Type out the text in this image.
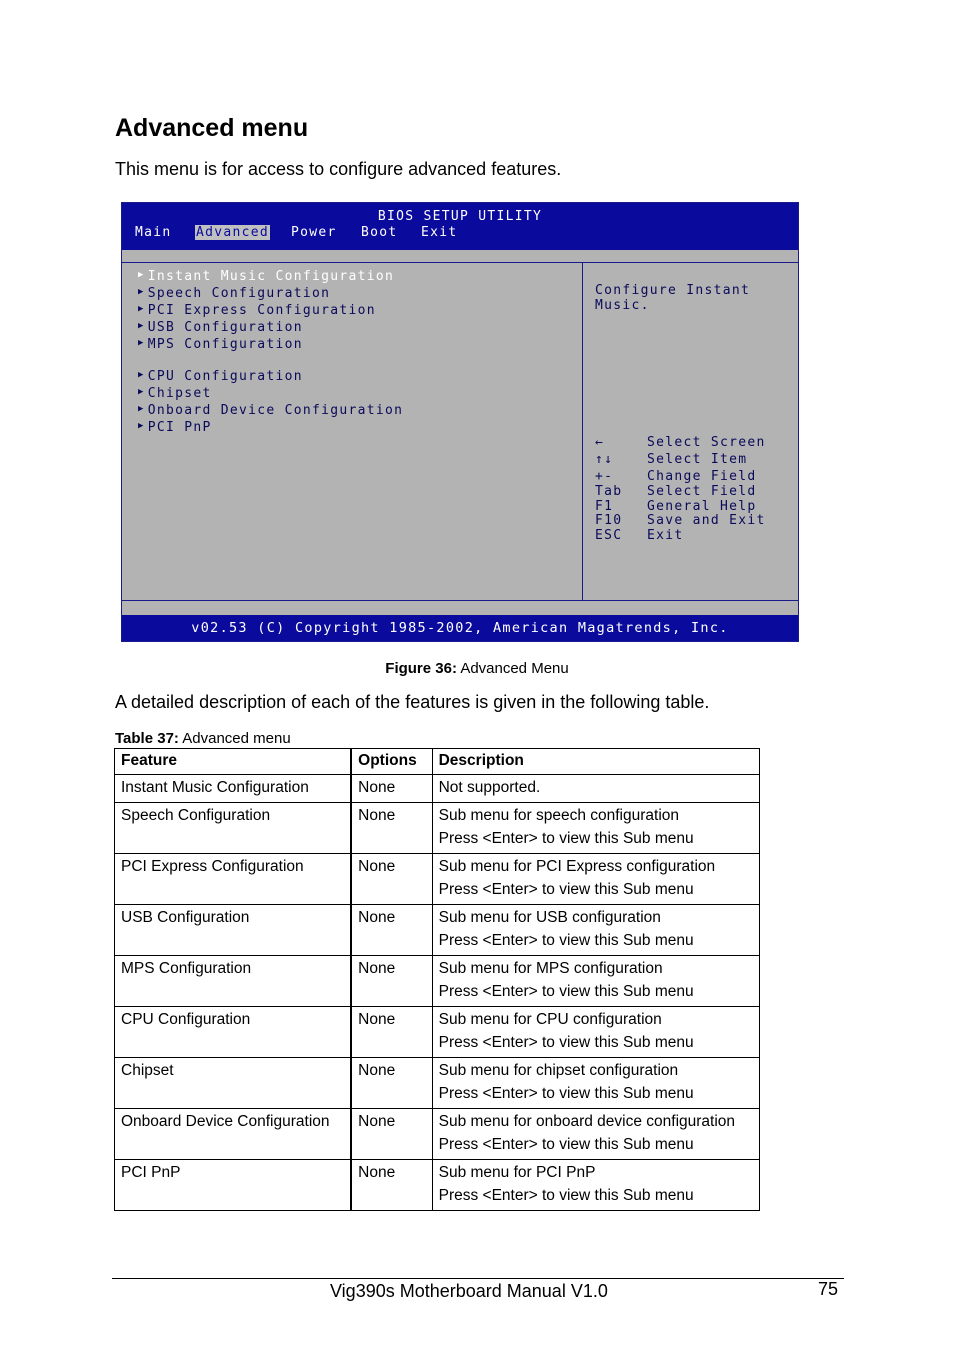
Advanced menu
This menu is for access to configure advanced features.
BIOS SETUP UTILITY
Main Advanced Power Boot Exit
▶ Instant Music Configuration
▶ Speech Configuration
▶ PCI Express Configuration
▶ USB Configuration
▶ MPS Configuration
▶ CPU Configuration
▶ Chipset
▶ Onboard Device Configuration
▶ PCI PnP
Configure Instant
Music.
←	Select Screen
↑↓	Select Item
+-	Change Field
Tab Select Field
F1	General Help
F10 Save and Exit
ESC Exit
v02.53 (C) Copyright 1985-2002, American Magatrends, Inc.
Figure 36: Advanced Menu
A detailed description of each of the features is given in the following table.
Table 37: Advanced menu
Feature	Options	Description
Instant Music Configuration	None	Not supported.

Speech Configuration	None	Sub menu for speech configuration
Press <Enter> to view this Sub menu

PCI Express Configuration	None	Sub menu for PCI Express configuration
Press <Enter> to view this Sub menu

USB Configuration	None	Sub menu for USB configuration
Press <Enter> to view this Sub menu

MPS Configuration	None	Sub menu for MPS configuration
Press <Enter> to view this Sub menu

CPU Configuration	None	Sub menu for CPU configuration
Press <Enter> to view this Sub menu

Chipset	None	Sub menu for chipset configuration
Press <Enter> to view this Sub menu

Onboard Device Configuration	None	Sub menu for onboard device configuration
Press <Enter> to view this Sub menu

PCI PnP	None	Sub menu for PCI PnP
Press <Enter> to view this Sub menu
Vig390s Motherboard Manual V1.0	75
